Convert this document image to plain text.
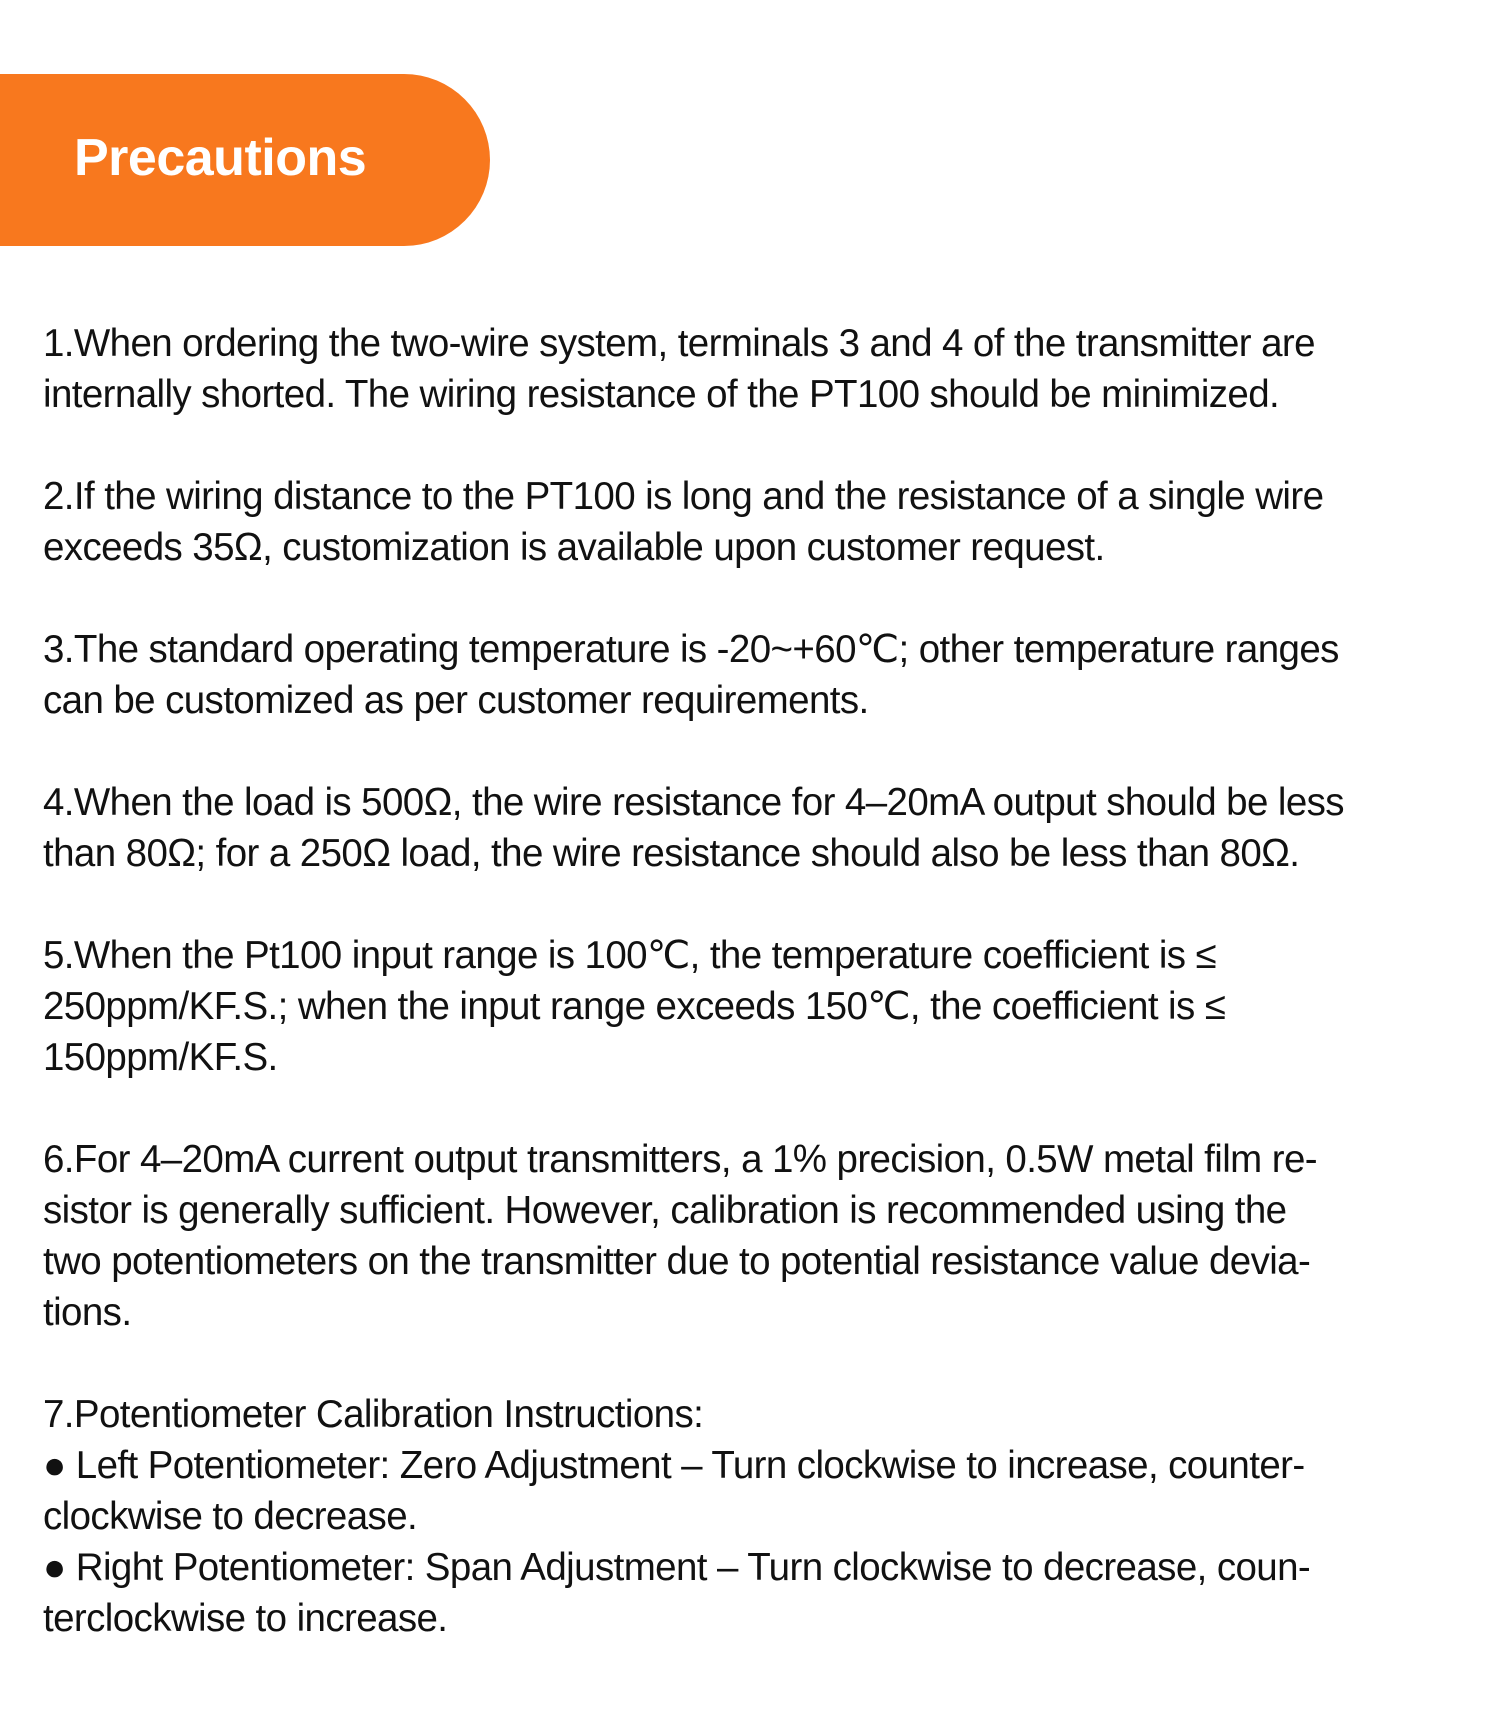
Precautions

1.When ordering the two-wire system, terminals 3 and 4 of the transmitter are
internally shorted. The wiring resistance of the PT100 should be minimized.

2.If the wiring distance to the PT100 is long and the resistance of a single wire
exceeds 35Ω, customization is available upon customer request.

3.The standard operating temperature is -20~+60℃; other temperature ranges
can be customized as per customer requirements.

4.When the load is 500Ω, the wire resistance for 4–20mA output should be less
than 80Ω; for a 250Ω load, the wire resistance should also be less than 80Ω.

5.When the Pt100 input range is 100℃, the temperature coefficient is ≤
250ppm/KF.S.; when the input range exceeds 150℃, the coefficient is ≤
150ppm/KF.S.

6.For 4–20mA current output transmitters, a 1% precision, 0.5W metal film re-
sistor is generally sufficient. However, calibration is recommended using the
two potentiometers on the transmitter due to potential resistance value devia-
tions.

7.Potentiometer Calibration Instructions:
● Left Potentiometer: Zero Adjustment – Turn clockwise to increase, counter-
clockwise to decrease.
● Right Potentiometer: Span Adjustment – Turn clockwise to decrease, coun-
terclockwise to increase.
